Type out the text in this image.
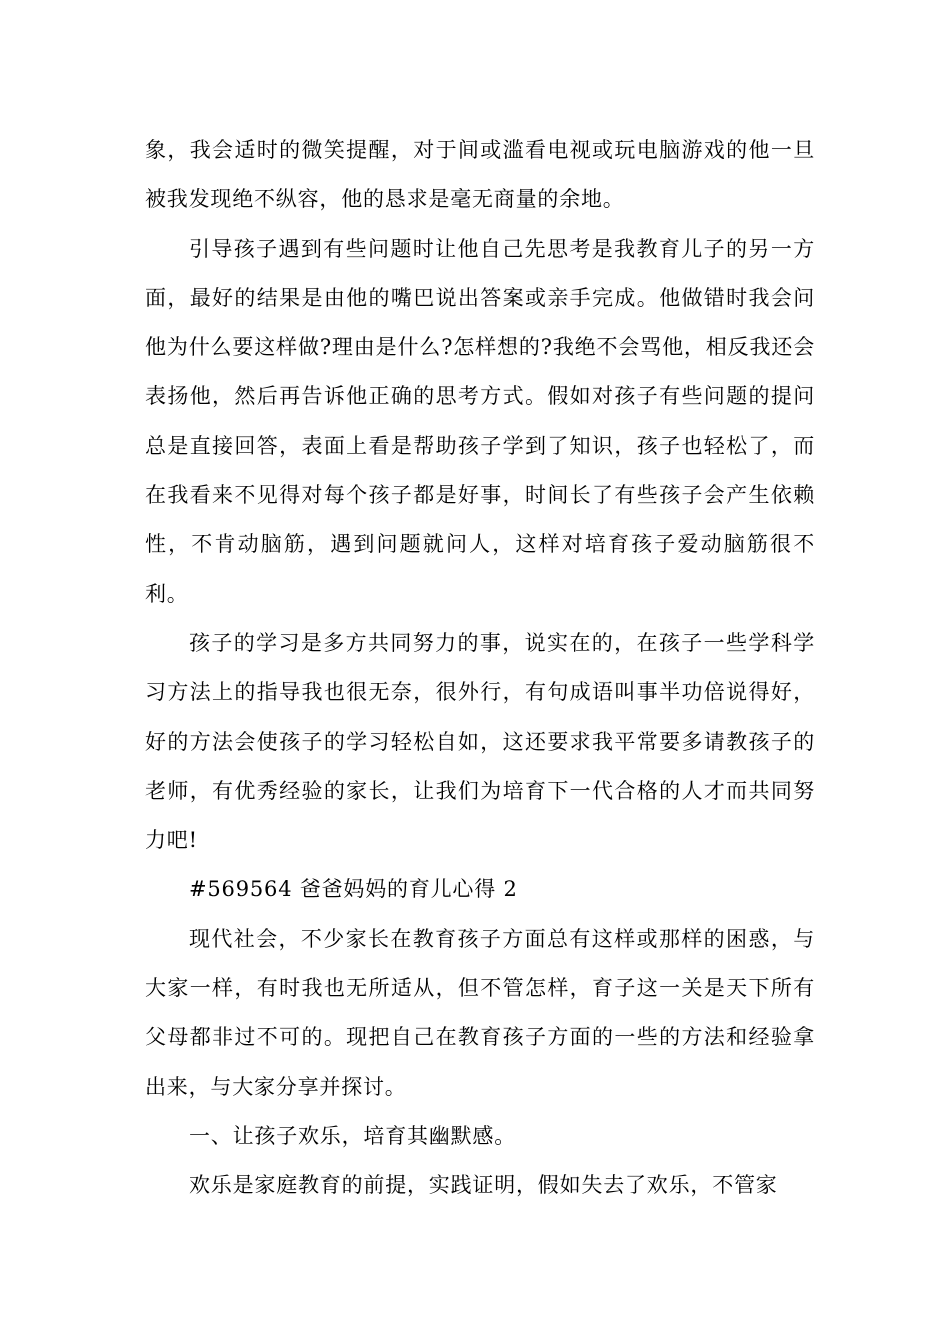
象，我会适时的微笑提醒，对于间或滥看电视或玩电脑游戏的他一旦被我发现绝不纵容，他的恳求是毫无商量的余地。

引导孩子遇到有些问题时让他自己先思考是我教育儿子的另一方面，最好的结果是由他的嘴巴说出答案或亲手完成。他做错时我会问他为什么要这样做?理由是什么?怎样想的?我绝不会骂他，相反我还会表扬他，然后再告诉他正确的思考方式。假如对孩子有些问题的提问总是直接回答，表面上看是帮助孩子学到了知识，孩子也轻松了，而在我看来不见得对每个孩子都是好事，时间长了有些孩子会产生依赖性，不肯动脑筋，遇到问题就问人，这样对培育孩子爱动脑筋很不利。

孩子的学习是多方共同努力的事，说实在的，在孩子一些学科学习方法上的指导我也很无奈，很外行，有句成语叫事半功倍说得好，好的方法会使孩子的学习轻松自如，这还要求我平常要多请教孩子的老师，有优秀经验的家长，让我们为培育下一代合格的人才而共同努力吧!

#569564 爸爸妈妈的育儿心得 2

现代社会，不少家长在教育孩子方面总有这样或那样的困惑，与大家一样，有时我也无所适从，但不管怎样，育子这一关是天下所有父母都非过不可的。现把自己在教育孩子方面的一些的方法和经验拿出来，与大家分享并探讨。

一、让孩子欢乐，培育其幽默感。

欢乐是家庭教育的前提，实践证明，假如失去了欢乐，不管家
